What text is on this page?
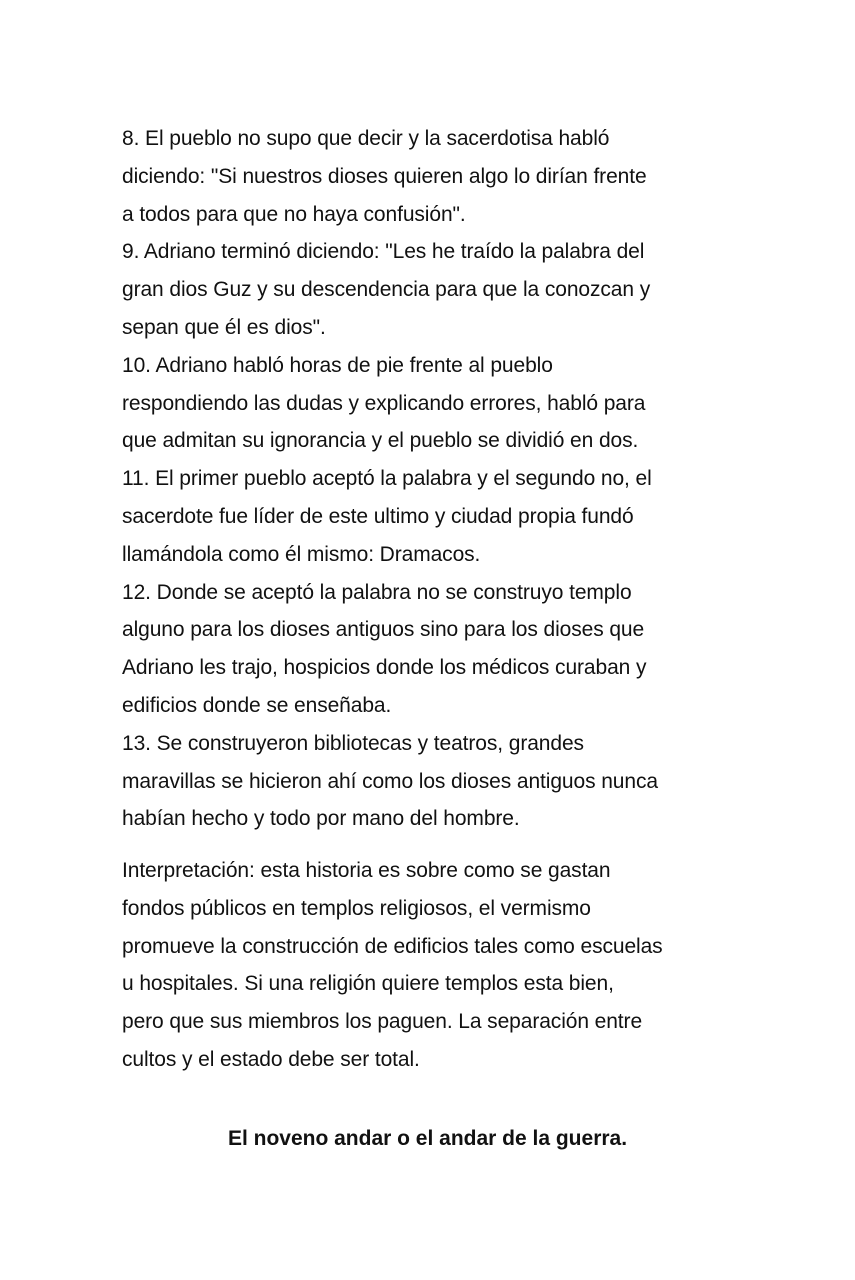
8. El pueblo no supo que decir y la sacerdotisa habló
diciendo: "Si nuestros dioses quieren algo lo dirían frente
a todos para que no haya confusión".

9. Adriano terminó diciendo: "Les he traído la palabra del
gran dios Guz y su descendencia para que la conozcan y
sepan que él es dios".

10. Adriano habló horas de pie frente al pueblo
respondiendo las dudas y explicando errores, habló para
que admitan su ignorancia y el pueblo se dividió en dos.

11. El primer pueblo aceptó la palabra y el segundo no, el
sacerdote fue líder de este ultimo y ciudad propia fundó
llamándola como él mismo: Dramacos.

12. Donde se aceptó la palabra no se construyo templo
alguno para los dioses antiguos sino para los dioses que
Adriano les trajo, hospicios donde los médicos curaban y
edificios donde se enseñaba.

13. Se construyeron bibliotecas y teatros, grandes
maravillas se hicieron ahí como los dioses antiguos nunca
habían hecho y todo por mano del hombre.

Interpretación: esta historia es sobre como se gastan
fondos públicos en templos religiosos, el vermismo
promueve la construcción de edificios tales como escuelas
u hospitales. Si una religión quiere templos esta bien,
pero que sus miembros los paguen. La separación entre
cultos y el estado debe ser total.
El noveno andar o el andar de la guerra.
